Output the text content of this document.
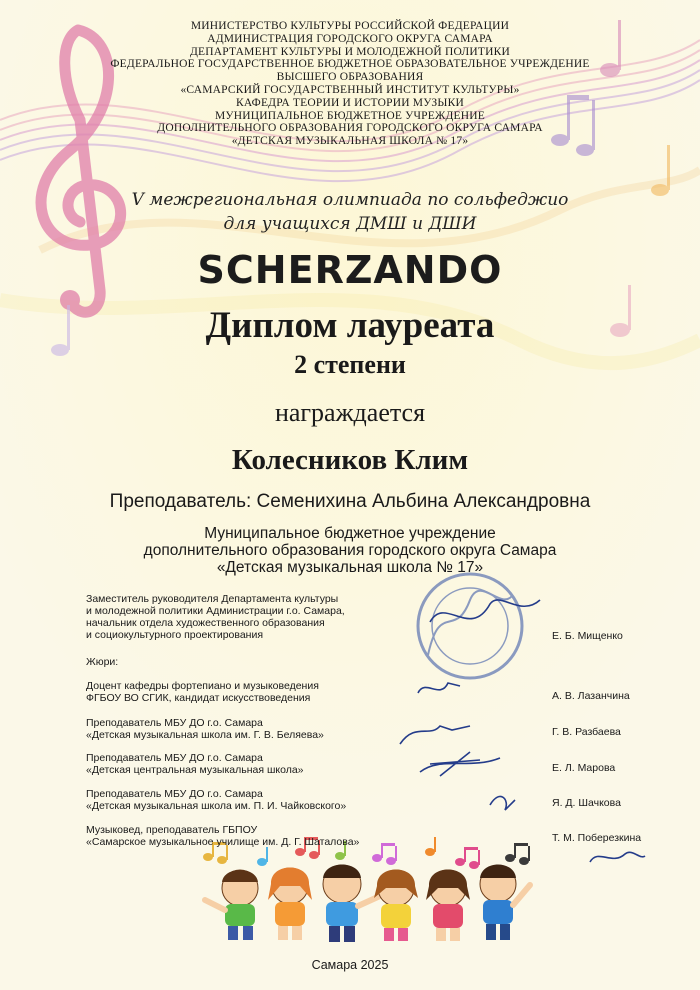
МИНИСТЕРСТВО КУЛЬТУРЫ РОССИЙСКОЙ ФЕДЕРАЦИИ
АДМИНИСТРАЦИЯ ГОРОДСКОГО ОКРУГА САМАРА
ДЕПАРТАМЕНТ КУЛЬТУРЫ И МОЛОДЕЖНОЙ ПОЛИТИКИ
ФЕДЕРАЛЬНОЕ ГОСУДАРСТВЕННОЕ БЮДЖЕТНОЕ ОБРАЗОВАТЕЛЬНОЕ УЧРЕЖДЕНИЕ
ВЫСШЕГО ОБРАЗОВАНИЯ
«САМАРСКИЙ ГОСУДАРСТВЕННЫЙ ИНСТИТУТ КУЛЬТУРЫ»
КАФЕДРА ТЕОРИИ И ИСТОРИИ МУЗЫКИ
МУНИЦИПАЛЬНОЕ БЮДЖЕТНОЕ УЧРЕЖДЕНИЕ
ДОПОЛНИТЕЛЬНОГО ОБРАЗОВАНИЯ ГОРОДСКОГО ОКРУГА САМАРА
«ДЕТСКАЯ МУЗЫКАЛЬНАЯ ШКОЛА № 17»
V межрегиональная олимпиада по сольфеджио
для учащихся ДМШ и ДШИ
SCHERZANDO
Диплом лауреата
2 степени
награждается
Колесников Клим
Преподаватель: Семенихина Альбина Александровна
Муниципальное бюджетное учреждение
дополнительного образования городского округа Самара
«Детская музыкальная школа № 17»
Заместитель руководителя Департамента культуры
и молодежной политики Администрации г.о. Самара,
начальник отдела художественного образования
и социокультурного проектирования	Е. Б. Мищенко
Жюри:
Доцент кафедры фортепиано и музыковедения
ФГБОУ ВО СГИК, кандидат искусствоведения	А. В. Лазанчина
Преподаватель МБУ ДО г.о. Самара
«Детская музыкальная школа им. Г. В. Беляева»	Г. В. Разбаева
Преподаватель МБУ ДО г.о. Самара
«Детская центральная музыкальная школа»	Е. Л. Марова
Преподаватель МБУ ДО г.о. Самара
«Детская музыкальная школа им. П. И. Чайковского»	Я. Д. Шачкова
Музыковед, преподаватель ГБПОУ
«Самарское музыкальное училище им. Д. Г. Шаталова»	Т. М. Поберезкина
Самара 2025
